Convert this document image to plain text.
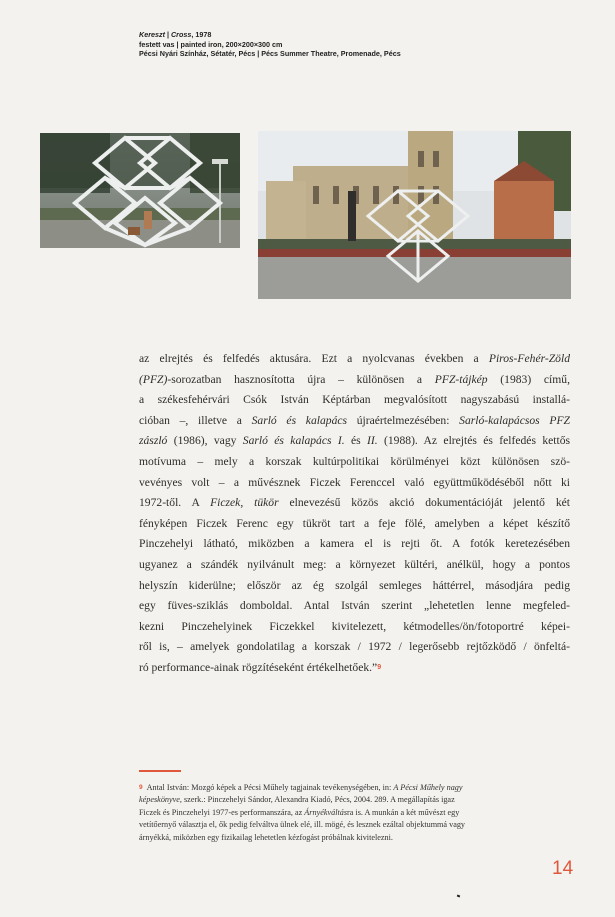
Kereszt | Cross, 1978
festett vas | painted iron, 200×200×300 cm
Pécsi Nyári Színház, Sétatér, Pécs | Pécs Summer Theatre, Promenade, Pécs
az elrejtés és felfedés aktusára. Ezt a nyolcvanas években a Piros-Fehér-Zöld
(PFZ)-sorozatban hasznosította újra – különösen a PFZ-tájkép (1983) című,
a székesfehérvári Csók István Képtárban megvalósított nagyszabású installá-
cióban –, illetve a Sarló és kalapács újraértelmezésében: Sarló-kalapácsos PFZ
zászló (1986), vagy Sarló és kalapács I. és II. (1988). Az elrejtés és felfedés kettős
motívuma – mely a korszak kultúrpolitikai körülményei közt különösen szö-
vevényes volt – a művésznek Ficzek Ferenccel való együttműködéséből nőtt ki
1972-től. A Ficzek, tükör elnevezésű közös akció dokumentációját jelentő két
fényképen Ficzek Ferenc egy tükröt tart a feje fölé, amelyben a képet készítő
Pinczehelyi látható, miközben a kamera el is rejti őt. A fotók keretezésében
ugyanez a szándék nyilvánult meg: a környezet kültéri, anélkül, hogy a pontos
helyszín kiderülne; először az ég szolgál semleges háttérrel, másodjára pedig
egy füves-sziklás domboldal. Antal István szerint „lehetetlen lenne megfeled-
kezni Pinczehelyinek Ficzekkel kivitelezett, kétmodelles/ön/fotoportré képei-
ről is, – amelyek gondolatilag a korszak / 1972 / legerősebb rejtőzködő / önfeltá-
ró performance-ainak rögzítéseként értékelhetőek.”$^9$
$^9$ Antal István: Mozgó képek a Pécsi Műhely tagjainak tevékenységében, in: A Pécsi Műhely nagy
képeskönyve, szerk.: Pinczehelyi Sándor, Alexandra Kiadó, Pécs, 2004. 289. A megállapítás igaz
Ficzek és Pinczehelyi 1977-es performanszára, az Árnyékváltásra is. A munkán a két művészt egy
vetítőernyő választja el, ők pedig felváltva ülnek elé, ill. mögé, és lesznek ezáltal objektummá vagy
árnyékká, miközben egy fizikailag lehetetlen kézfogást próbálnak kivitelezni.
14
